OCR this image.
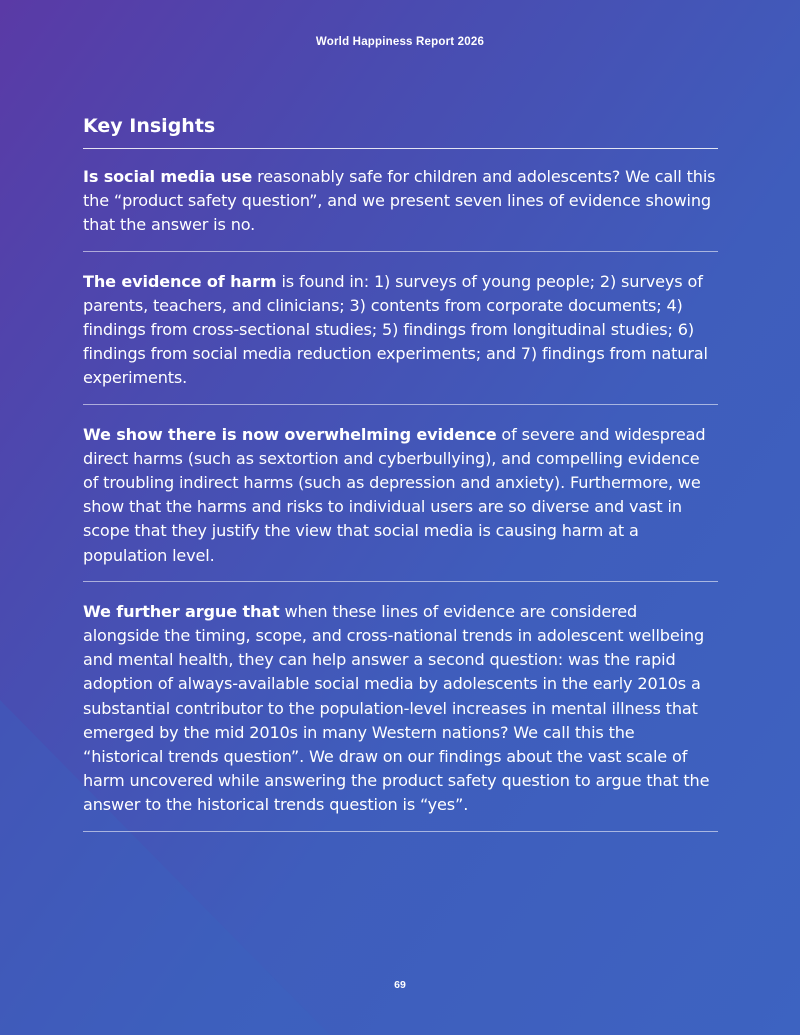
World Happiness Report 2026
Key Insights

Is social media use reasonably safe for children and adolescents? We call this the “product safety question”, and we present seven lines of evidence showing that the answer is no.

The evidence of harm is found in: 1) surveys of young people; 2) surveys of parents, teachers, and clinicians; 3) contents from corporate documents; 4) findings from cross-sectional studies; 5) findings from longitudinal studies; 6) findings from social media reduction experiments; and 7) findings from natural experiments.

We show there is now overwhelming evidence of severe and widespread direct harms (such as sextortion and cyberbullying), and compelling evidence of troubling indirect harms (such as depression and anxiety). Furthermore, we show that the harms and risks to individual users are so diverse and vast in scope that they justify the view that social media is causing harm at a population level.

We further argue that when these lines of evidence are considered alongside the timing, scope, and cross-national trends in adolescent wellbeing and mental health, they can help answer a second question: was the rapid adoption of always-available social media by adolescents in the early 2010s a substantial contributor to the population-level increases in mental illness that emerged by the mid 2010s in many Western nations? We call this the “historical trends question”. We draw on our findings about the vast scale of harm uncovered while answering the product safety question to argue that the answer to the historical trends question is “yes”.

69
